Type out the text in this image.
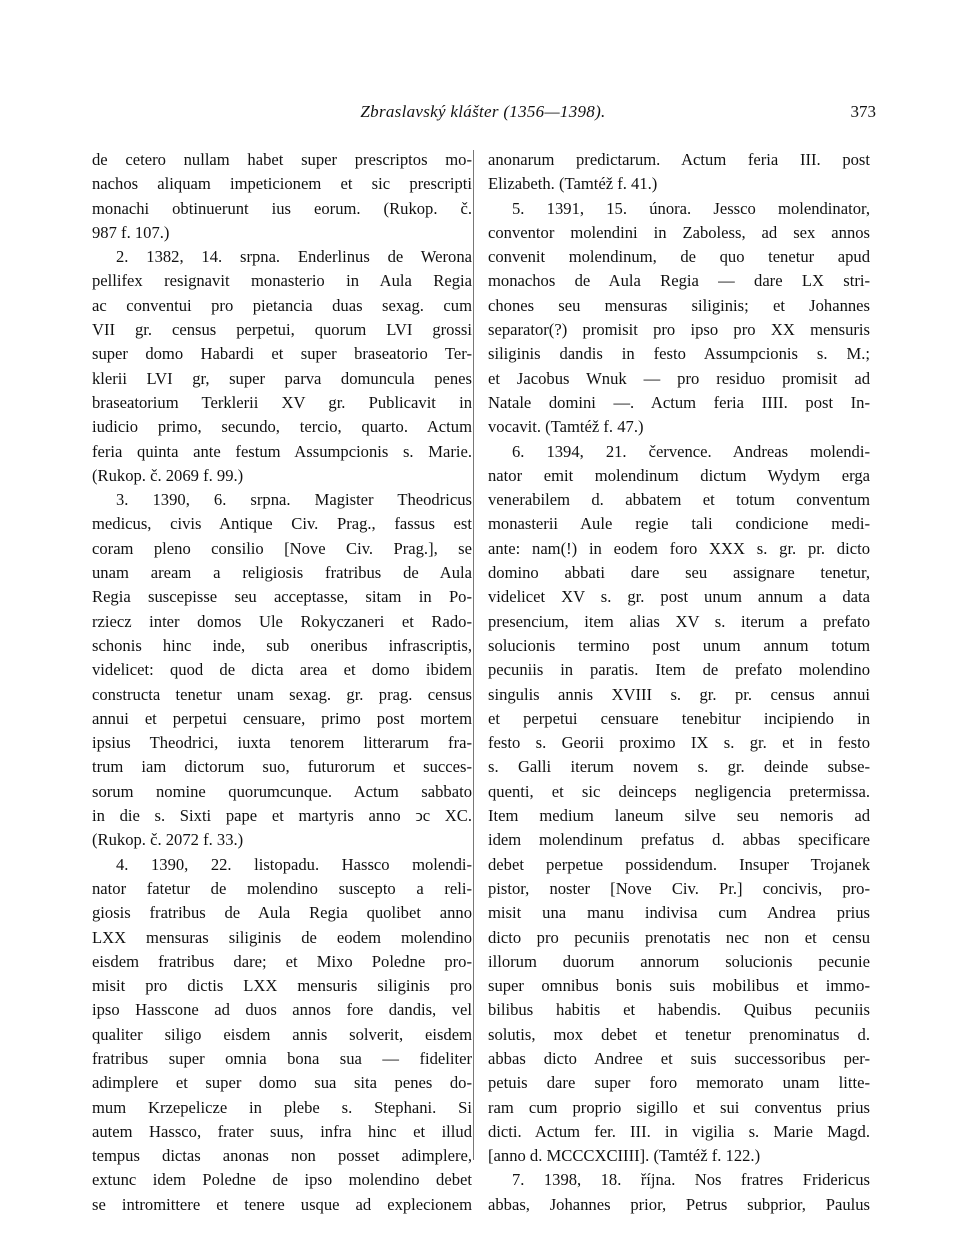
Zbraslavský klášter (1356—1398).	373
de cetero nullam habet super prescriptos mo-
nachos aliquam impeticionem et sic prescripti
monachi obtinuerunt ius eorum. (Rukop. č.
987 f. 107.)
2. 1382, 14. srpna. Enderlinus de Werona
pellifex resignavit monasterio in Aula Regia
ac conventui pro pietancia duas sexag. cum
VII gr. census perpetui, quorum LVI grossi
super domo Habardi et super braseatorio Ter-
klerii LVI gr, super parva domuncula penes
braseatorium Terklerii XV gr. Publicavit in
iudicio primo, secundo, tercio, quarto. Actum
feria quinta ante festum Assumpcionis s. Marie.
(Rukop. č. 2069 f. 99.)
3. 1390, 6. srpna. Magister Theodricus
medicus, civis Antique Civ. Prag., fassus est
coram pleno consilio [Nove Civ. Prag.], se
unam aream a religiosis fratribus de Aula
Regia suscepisse seu acceptasse, sitam in Po-
rziecz inter domos Ule Rokyczaneri et Rado-
schonis hinc inde, sub oneribus infrascriptis,
videlicet: quod de dicta area et domo ibidem
constructa tenetur unam sexag. gr. prag. census
annui et perpetui censuare, primo post mortem
ipsius Theodrici, iuxta tenorem litterarum fra-
trum iam dictorum suo, futurorum et succes-
sorum nomine quorumcunque. Actum sabbato
in die s. Sixti pape et martyris anno ↄc XC.
(Rukop. č. 2072 f. 33.)
4. 1390, 22. listopadu. Hassco molendi-
nator fatetur de molendino suscepto a reli-
giosis fratribus de Aula Regia quolibet anno
LXX mensuras siliginis de eodem molendino
eisdem fratribus dare; et Mixo Poledne pro-
misit pro dictis LXX mensuris siliginis pro
ipso Hasscone ad duos annos fore dandis, vel
qualiter siligo eisdem annis solverit, eisdem
fratribus super omnia bona sua — fideliter
adimplere et super domo sua sita penes do-
mum Krzepelicze in plebe s. Stephani. Si
autem Hassco, frater suus, infra hinc et illud
tempus dictas anonas non posset adimplere,
extunc idem Poledne de ipso molendino debet
se intromittere et tenere usque ad explecionem
anonarum predictarum. Actum feria III. post
Elizabeth. (Tamtéž f. 41.)
5. 1391, 15. února. Jessco molendinator,
conventor molendini in Zaboless, ad sex annos
convenit molendinum, de quo tenetur apud
monachos de Aula Regia — dare LX stri-
chones seu mensuras siliginis; et Johannes
separator(?) promisit pro ipso pro XX mensuris
siliginis dandis in festo Assumpcionis s. M.;
et Jacobus Wnuk — pro residuo promisit ad
Natale domini —. Actum feria IIII. post In-
vocavit. (Tamtéž f. 47.)
6. 1394, 21. července. Andreas molendi-
nator emit molendinum dictum Wydym erga
venerabilem d. abbatem et totum conventum
monasterii Aule regie tali condicione medi-
ante: nam(!) in eodem foro XXX s. gr. pr. dicto
domino abbati dare seu assignare tenetur,
videlicet XV s. gr. post unum annum a data
presencium, item alias XV s. iterum a prefato
solucionis termino post unum annum totum
pecuniis in paratis. Item de prefato molendino
singulis annis XVIII s. gr. pr. census annui
et perpetui censuare tenebitur incipiendo in
festo s. Georii proximo IX s. gr. et in festo
s. Galli iterum novem s. gr. deinde subse-
quenti, et sic deinceps negligencia pretermissa.
Item medium laneum silve seu nemoris ad
idem molendinum prefatus d. abbas specificare
debet perpetue possidendum. Insuper Trojanek
pistor, noster [Nove Civ. Pr.] concivis, pro-
misit una manu indivisa cum Andrea prius
dicto pro pecuniis prenotatis nec non et censu
illorum duorum annorum solucionis pecunie
super omnibus bonis suis mobilibus et immo-
bilibus habitis et habendis. Quibus pecuniis
solutis, mox debet et tenetur prenominatus d.
abbas dicto Andree et suis successoribus per-
petuis dare super foro memorato unam litte-
ram cum proprio sigillo et sui conventus prius
dicti. Actum fer. III. in vigilia s. Marie Magd.
[anno d. MCCCXCIIII]. (Tamtéž f. 122.)
7. 1398, 18. října. Nos fratres Fridericus
abbas, Johannes prior, Petrus subprior, Paulus
